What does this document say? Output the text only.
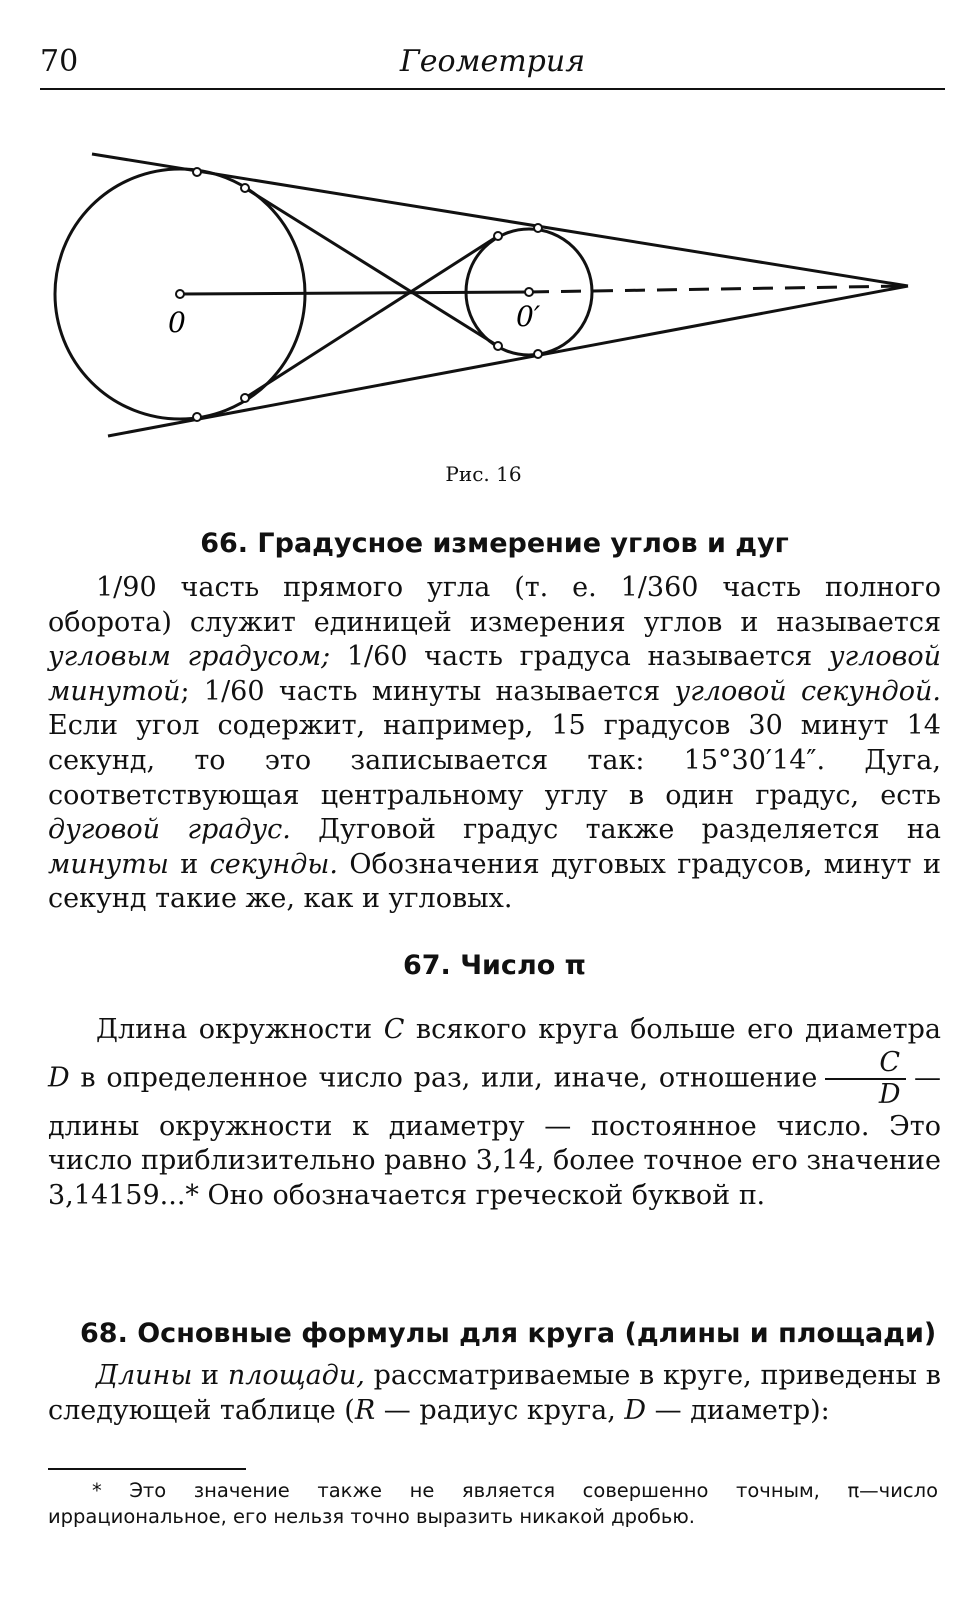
70	Геометрия
0	0′
Рис. 16
66. Градусное измерение углов и дуг

1/90 часть прямого угла (т. е. 1/360 часть полного оборота) служит единицей измерения углов и называется угловым градусом; 1/60 часть градуса называется угловой минутой; 1/60 часть минуты называется угловой секундой. Если угол содержит, например, 15 градусов 30 минут 14 секунд, то это записывается так: 15°30′14″. Дуга, соответствующая центральному углу в один градус, есть дуговой градус. Дуговой градус также разделяется на минуты и секунды. Обозначения дуговых градусов, минут и секунд такие же, как и угловых.

67. Число π

Длина окружности C всякого круга больше его диаметра D в определенное число раз, или, иначе, отношение $\frac{C}{D}$ — длины окружности к диаметру — постоянное число. Это число приблизительно равно 3,14, более точное его значение 3,14159...* Оно обозначается греческой буквой π.

68. Основные формулы для круга (длины и площади)

Длины и площади, рассматриваемые в круге, приведены в следующей таблице (R — радиус круга, D — диаметр):

* Это значение также не является совершенно точным, π—число иррациональное, его нельзя точно выразить никакой дробью.
